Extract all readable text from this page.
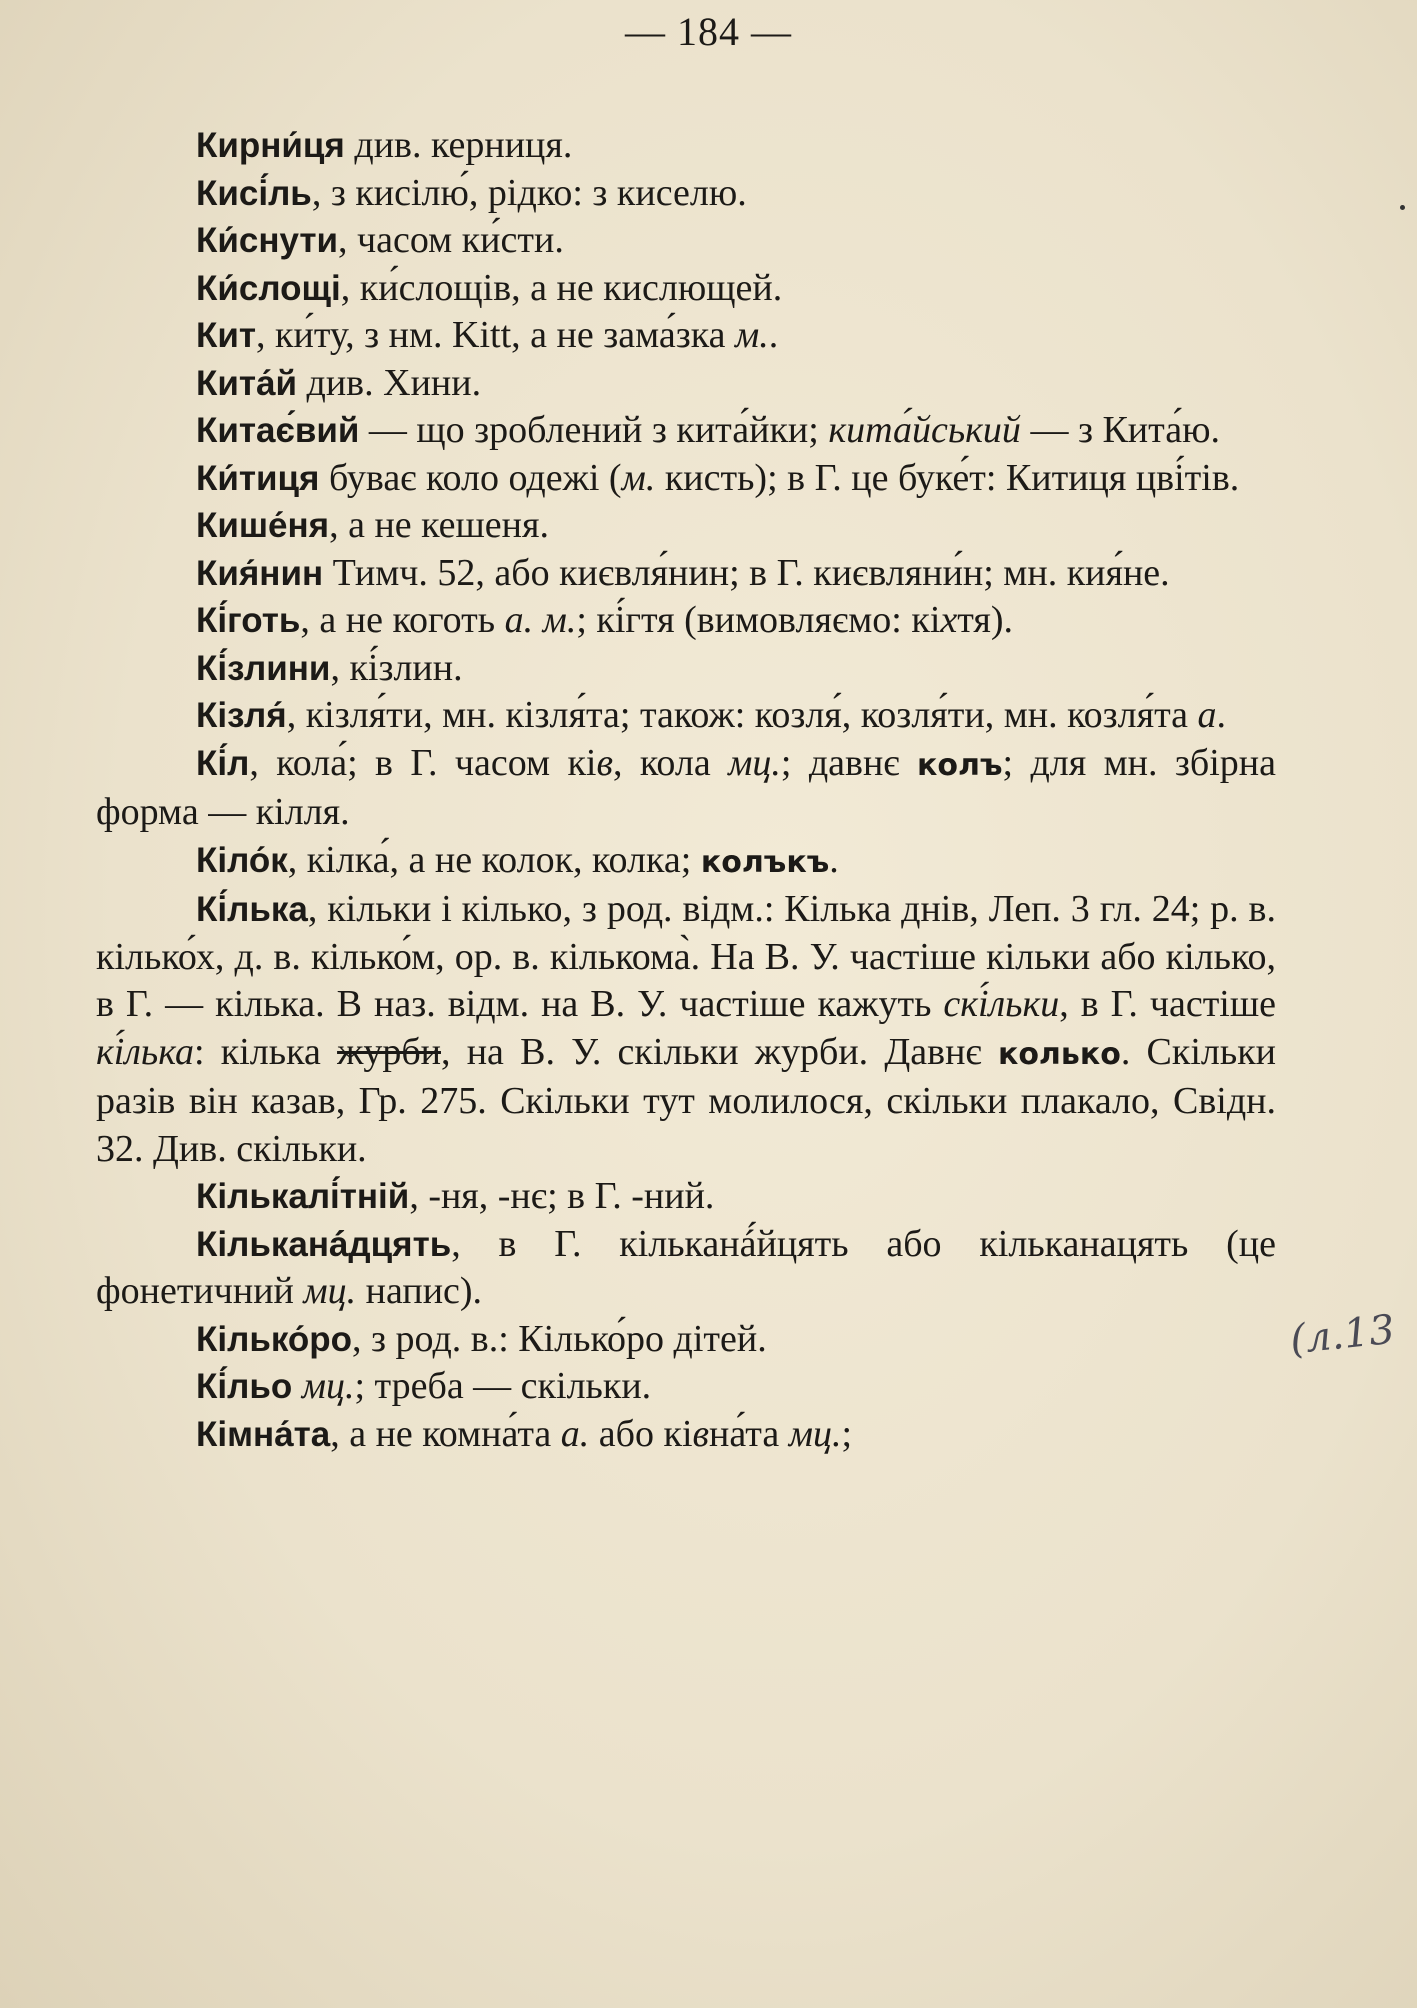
— 184 —

Кирни́ця див. керниця.

Кисі́ль, з кисілю́, рідко: з киселю.

Ки́снути, часом ки́сти.

Ки́слощі, ки́слощів, а не кислющей.

Кит, ки́ту, з нм. Kitt, а не зама́зка м..

Кита́й див. Хини.

Китає́вий — що зроблений з кита́йки; кита́йський — з Кита́ю.

Ки́тиця буває коло одежі (м. кисть); в Г. це буке́т: Китиця цві́тів.

Кише́ня, а не кешеня.

Кия́нин Тимч. 52, або києвля́нин; в Г. києвляни́н; мн. кия́не.

Кі́готь, а не коготь а. м.; кі́гтя (вимовляємо: кіхтя).

Кі́злини, кі́злин.

Кізля́, кізля́ти, мн. кізля́та; також: козля́, козля́ти, мн. козля́та а.

Кі́л, кола́; в Г. часом ків, кола мц.; давнє колъ; для мн. збірна форма — кілля.

Кіло́к, кілка́, а не колок, колка; колъкъ.

Кі́лька, кільки і кілько, з род. відм.: Кілька днів, Леп. 3 гл. 24; р. в. кілько́х, д. в. кілько́м, ор. в. кількома̀. На В. У. частіше кільки або кілько, в Г. — кілька. В наз. відм. на В. У. частіше кажуть скі́льки, в Г. частіше кі́лька: кілька журби, на В. У. скільки журби. Давнє колько. Скільки разів він казав, Гр. 275. Скільки тут молилося, скільки плакало, Свідн. 32. Див. скільки.

Кількалі́тній, -ня, -нє; в Г. -ний.

Кільканá́дцять, в Г. кільканá́йцять або кільканацять (це фонетичний мц. напис).

Кілько́ро, з род. в.: Кілько́ро дітей.

Кі́льо мц.; треба — скільки.

Кімна́та, а не комна́та а. або ківна́та мц.;

(л.13
